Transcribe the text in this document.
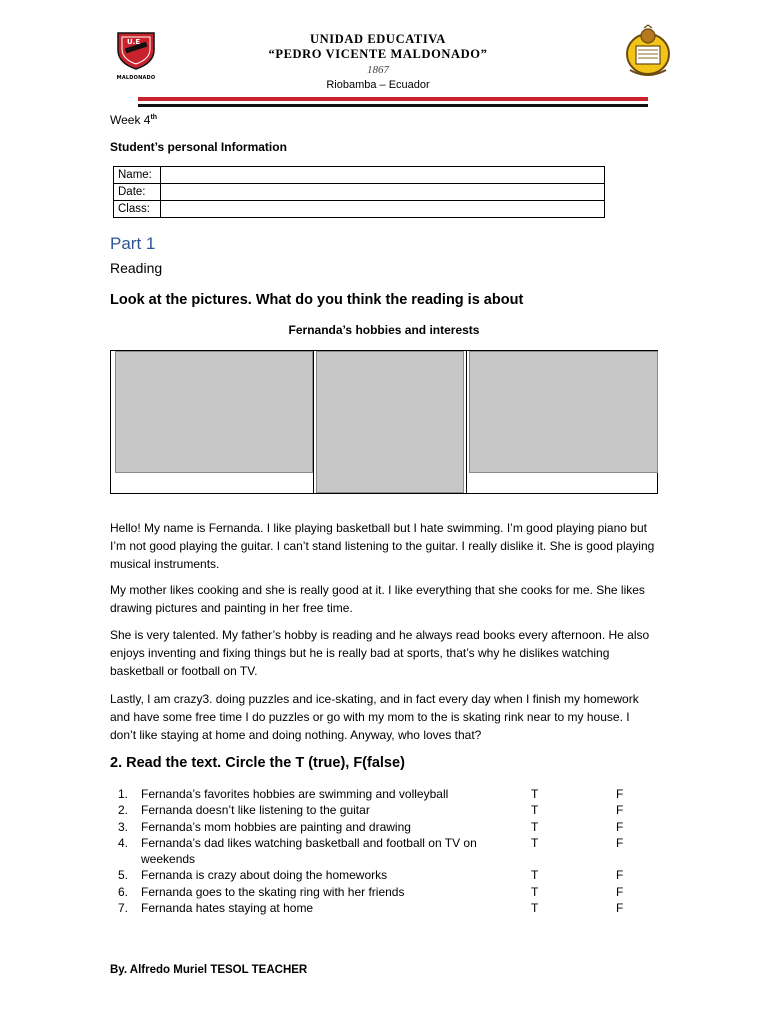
U.E
MALDONADO
UNIDAD EDUCATIVA
“PEDRO VICENTE MALDONADO”
1867
Riobamba – Ecuador
Week 4th
Student’s personal Information
Name:	
Date:	
Class:	
Part 1
Reading
Look at the pictures. What do you think the reading is about
Fernanda’s hobbies and interests

Hello! My name is Fernanda. I like playing basketball but I hate swimming. I’m good playing piano but I’m not good playing the guitar. I can’t stand listening to the guitar. I really dislike it. She is good playing musical instruments.

My mother likes cooking and she is really good at it. I like everything that she cooks for me. She likes drawing pictures and painting in her free time.

She is very talented. My father’s hobby is reading and he always read books every afternoon. He also enjoys inventing and fixing things but he is really bad at sports, that’s why he dislikes watching basketball or football on TV.

Lastly, I am crazy3. doing puzzles and ice-skating, and in fact every day when I finish my homework and have some free time I do puzzles or go with my mom to the is skating rink near to my house. I don’t like staying at home and doing nothing. Anyway, who loves that?

2. Read the text. Circle the T (true), F(false)
1. Fernanda’s favorites hobbies are swimming and volleyball	T	F
2. Fernanda doesn’t like listening to the guitar	T	F
3. Fernanda’s mom hobbies are painting and drawing	T	F
4. Fernanda’s dad likes watching basketball and football on TV on weekends
T	F
5. Fernanda is crazy about doing the homeworks	T	F
6. Fernanda goes to the skating ring with her friends	T	F
7. Fernanda hates staying at home	T	F
By. Alfredo Muriel TESOL TEACHER
